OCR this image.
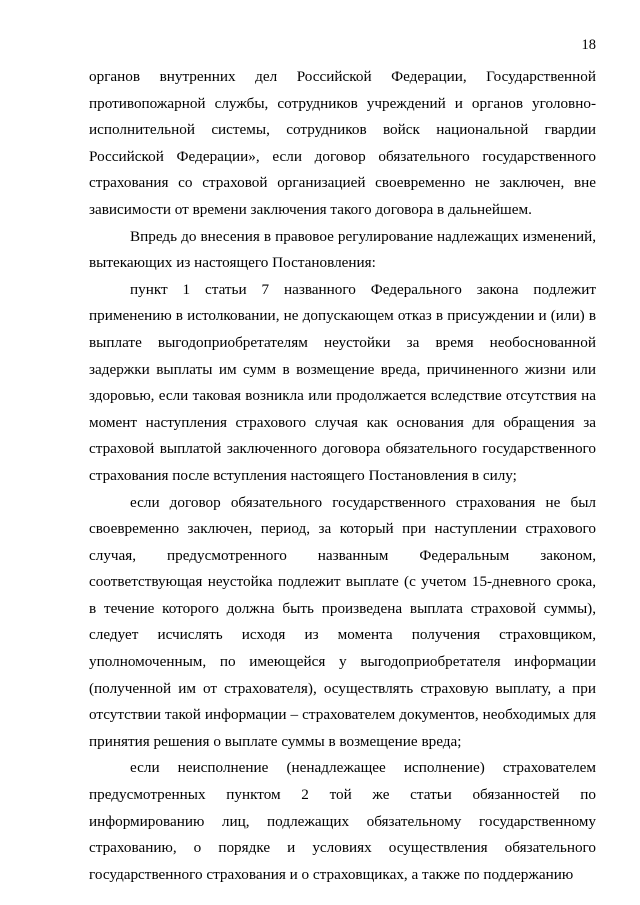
18

органов внутренних дел Российской Федерации, Государственной противопожарной службы, сотрудников учреждений и органов уголовно-исполнительной системы, сотрудников войск национальной гвардии Российской Федерации», если договор обязательного государственного страхования со страховой организацией своевременно не заключен, вне зависимости от времени заключения такого договора в дальнейшем.

Впредь до внесения в правовое регулирование надлежащих изменений, вытекающих из настоящего Постановления:

пункт 1 статьи 7 названного Федерального закона подлежит применению в истолковании, не допускающем отказ в присуждении и (или) в выплате выгодоприобретателям неустойки за время необоснованной задержки выплаты им сумм в возмещение вреда, причиненного жизни или здоровью, если таковая возникла или продолжается вследствие отсутствия на момент наступления страхового случая как основания для обращения за страховой выплатой заключенного договора обязательного государственного страхования после вступления настоящего Постановления в силу;

если договор обязательного государственного страхования не был своевременно заключен, период, за который при наступлении страхового случая, предусмотренного названным Федеральным законом, соответствующая неустойка подлежит выплате (с учетом 15-дневного срока, в течение которого должна быть произведена выплата страховой суммы), следует исчислять исходя из момента получения страховщиком, уполномоченным, по имеющейся у выгодоприобретателя информации (полученной им от страхователя), осуществлять страховую выплату, а при отсутствии такой информации – страхователем документов, необходимых для принятия решения о выплате суммы в возмещение вреда;

если неисполнение (ненадлежащее исполнение) страхователем предусмотренных пунктом 2 той же статьи обязанностей по информированию лиц, подлежащих обязательному государственному страхованию, о порядке и условиях осуществления обязательного государственного страхования и о страховщиках, а также по поддержанию
